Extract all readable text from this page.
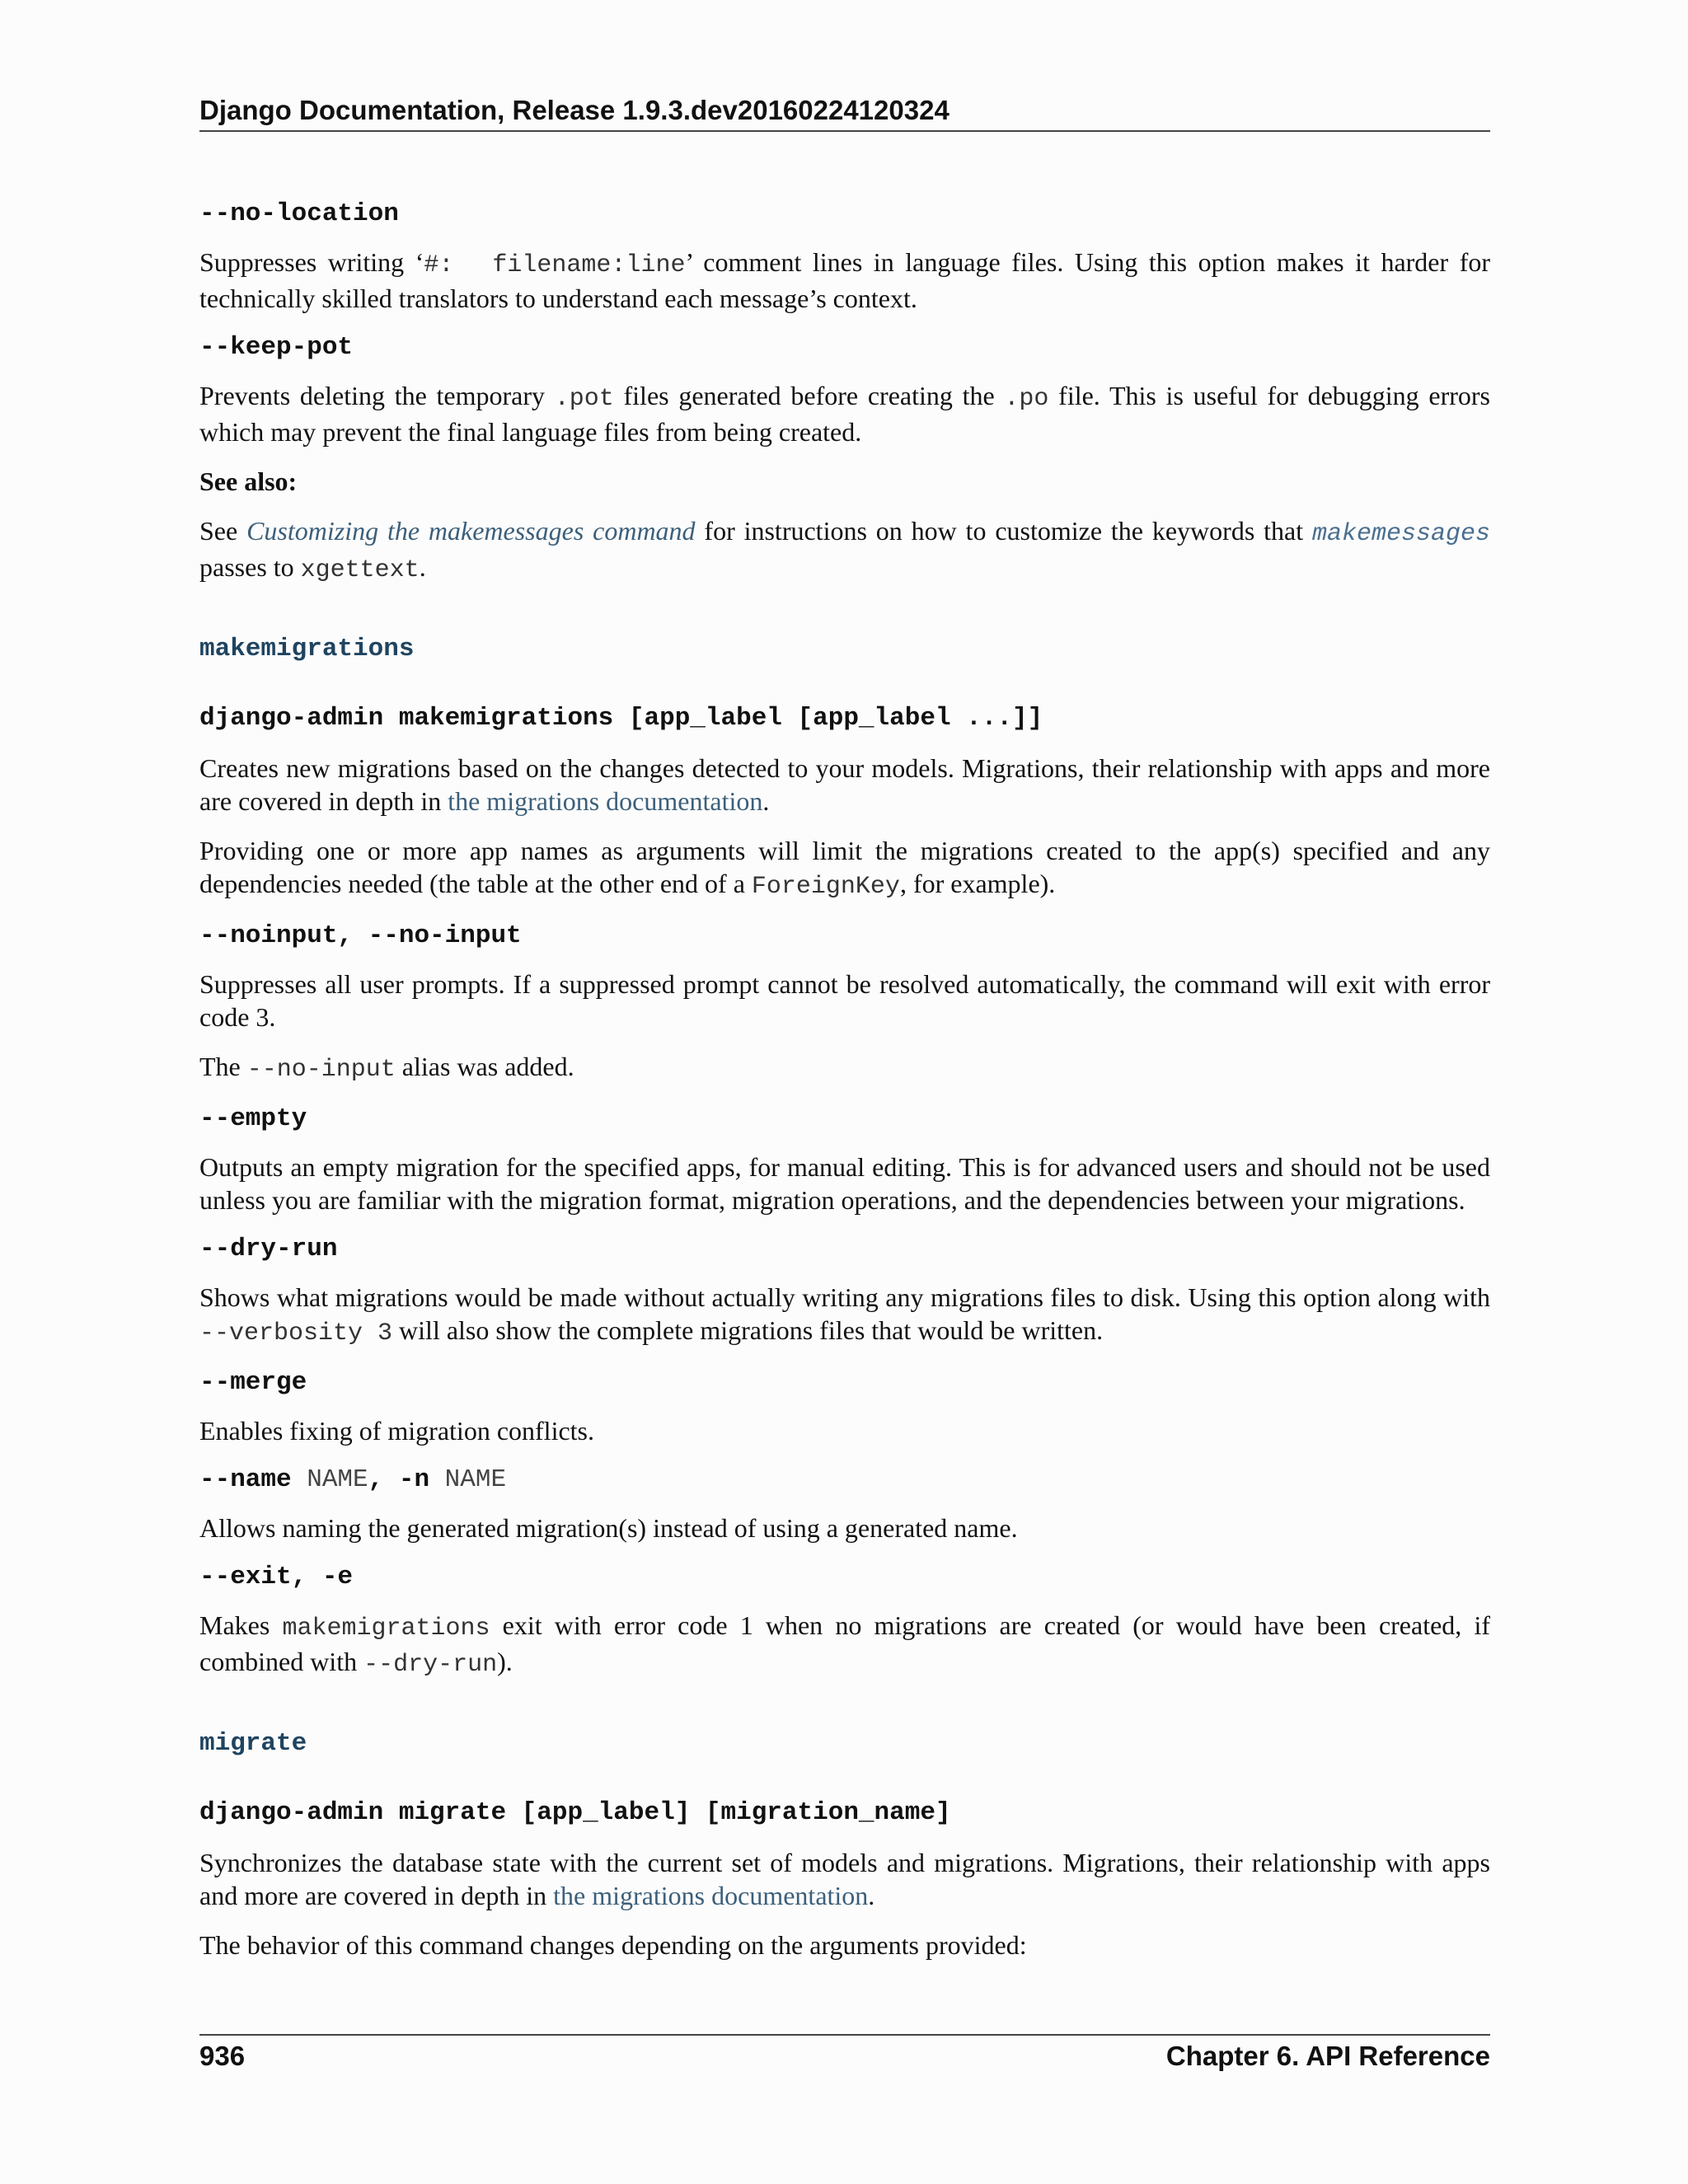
Django Documentation, Release 1.9.3.dev20160224120324
--no-location

Suppresses writing ‘#:  filename:line’ comment lines in language files. Using this option makes it harder for technically skilled translators to understand each message’s context.

--keep-pot

Prevents deleting the temporary .pot files generated before creating the .po file. This is useful for debugging errors which may prevent the final language files from being created.

See also:

See Customizing the makemessages command for instructions on how to customize the keywords that makemessages passes to xgettext.

makemigrations
django-admin makemigrations [app_label [app_label ...]]

Creates new migrations based on the changes detected to your models. Migrations, their relationship with apps and more are covered in depth in the migrations documentation.

Providing one or more app names as arguments will limit the migrations created to the app(s) specified and any dependencies needed (the table at the other end of a ForeignKey, for example).

--noinput, --no-input

Suppresses all user prompts. If a suppressed prompt cannot be resolved automatically, the command will exit with error code 3.

The --no-input alias was added.

--empty

Outputs an empty migration for the specified apps, for manual editing. This is for advanced users and should not be used unless you are familiar with the migration format, migration operations, and the dependencies between your migrations.

--dry-run

Shows what migrations would be made without actually writing any migrations files to disk. Using this option along with --verbosity 3 will also show the complete migrations files that would be written.

--merge

Enables fixing of migration conflicts.

--name NAME, -n NAME

Allows naming the generated migration(s) instead of using a generated name.

--exit, -e

Makes makemigrations exit with error code 1 when no migrations are created (or would have been created, if combined with --dry-run).

migrate
django-admin migrate [app_label] [migration_name]

Synchronizes the database state with the current set of models and migrations. Migrations, their relationship with apps and more are covered in depth in the migrations documentation.

The behavior of this command changes depending on the arguments provided:

936	Chapter 6. API Reference
